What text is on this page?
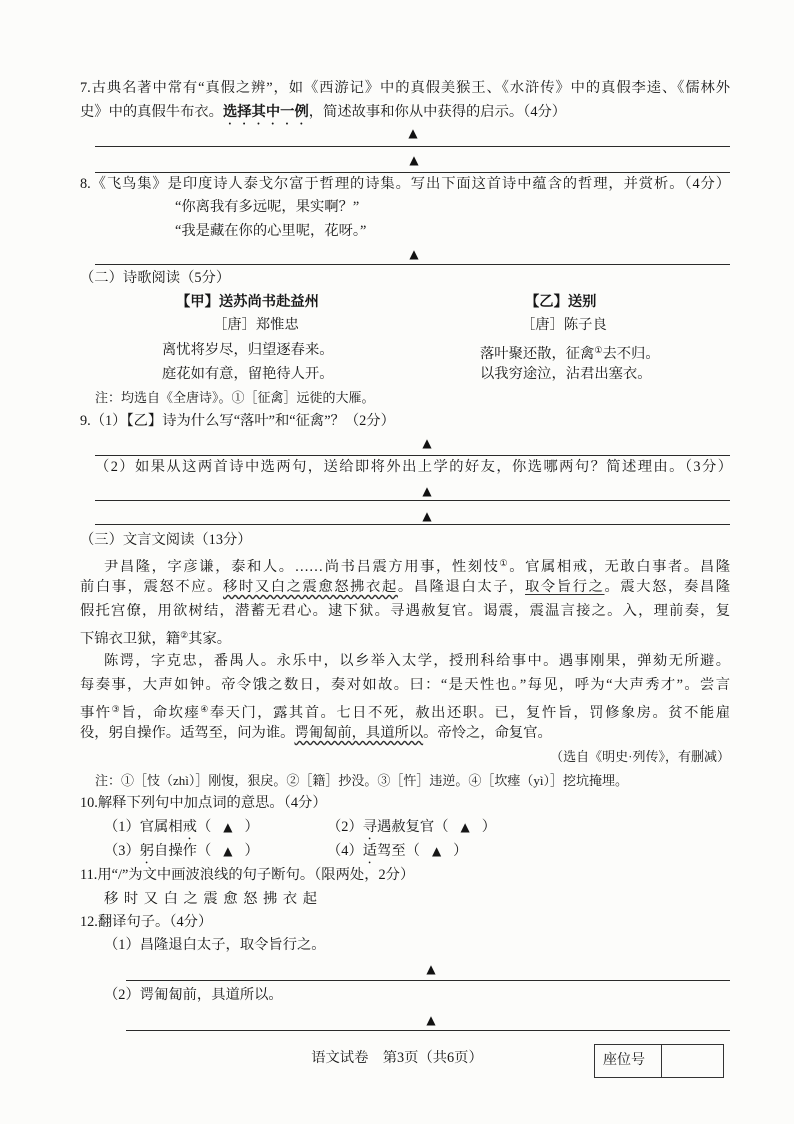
7.古典名著中常有“真假之辨”，如《西游记》中的真假美猴王、《水浒传》中的真假李逵、《儒林外
史》中的真假牛布衣。选择其中一例，简述故事和你从中获得的启示。（4分）
▲
▲
8.《飞鸟集》是印度诗人泰戈尔富于哲理的诗集。写出下面这首诗中蕴含的哲理，并赏析。（4分）
“你离我有多远呢，果实啊？”
“我是藏在你的心里呢，花呀。”
▲
（二）诗歌阅读（5分）
【甲】送苏尚书赴益州	【乙】送别
［唐］郑惟忠	［唐］陈子良
离忧将岁尽，归望逐春来。
庭花如有意，留艳待人开。
落叶聚还散，征禽①去不归。
以我穷途泣，沾君出塞衣。
注：均选自《全唐诗》。①［征禽］远徙的大雁。
9.（1）【乙】诗为什么写“落叶”和“征禽”？（2分）
▲
（2）如果从这两首诗中选两句，送给即将外出上学的好友，你选哪两句？简述理由。（3分）
▲
▲
（三）文言文阅读（13分）
尹昌隆，字彦谦，泰和人。……尚书吕震方用事，性刻忮①。官属相戒，无敢白事者。昌隆
前白事，震怒不应。移时又白之震愈怒拂衣起。昌隆退白太子，取令旨行之。震大怒，奏昌隆
假托宫僚，用欲树结，潜蓄无君心。逮下狱。寻遇赦复官。谒震，震温言接之。入，理前奏，复
下锦衣卫狱，籍②其家。
陈谔，字克忠，番禺人。永乐中，以乡举入太学，授刑科给事中。遇事刚果，弹劾无所避。
每奏事，大声如钟。帝令饿之数日，奏对如故。曰：“是天性也。”每见，呼为“大声秀才”。尝言
事忤③旨，命坎瘗④奉天门，露其首。七日不死，赦出还职。已，复忤旨，罚修象房。贫不能雇
役，躬自操作。适驾至，问为谁。谔匍匐前，具道所以。帝怜之，命复官。
（选自《明史·列传》，有删减）
注：①［忮（zhì）］刚愎，狠戾。②［籍］抄没。③［忤］违逆。④［坎瘗（yì）］挖坑掩埋。
10.解释下列句中加点词的意思。（4分）
（1）官属相戒（ ▲ ）	（2）寻遇赦复官（ ▲ ）
（3）躬自操作（ ▲ ）	（4）适驾至（ ▲ ）
11.用“/”为文中画波浪线的句子断句。（限两处，2分）
移 时 又 白 之 震 愈 怒 拂 衣 起
12.翻译句子。（4分）
（1）昌隆退白太子，取令旨行之。
▲
（2）谔匍匐前，具道所以。
▲
语文试卷　第3页（共6页）	座位号
